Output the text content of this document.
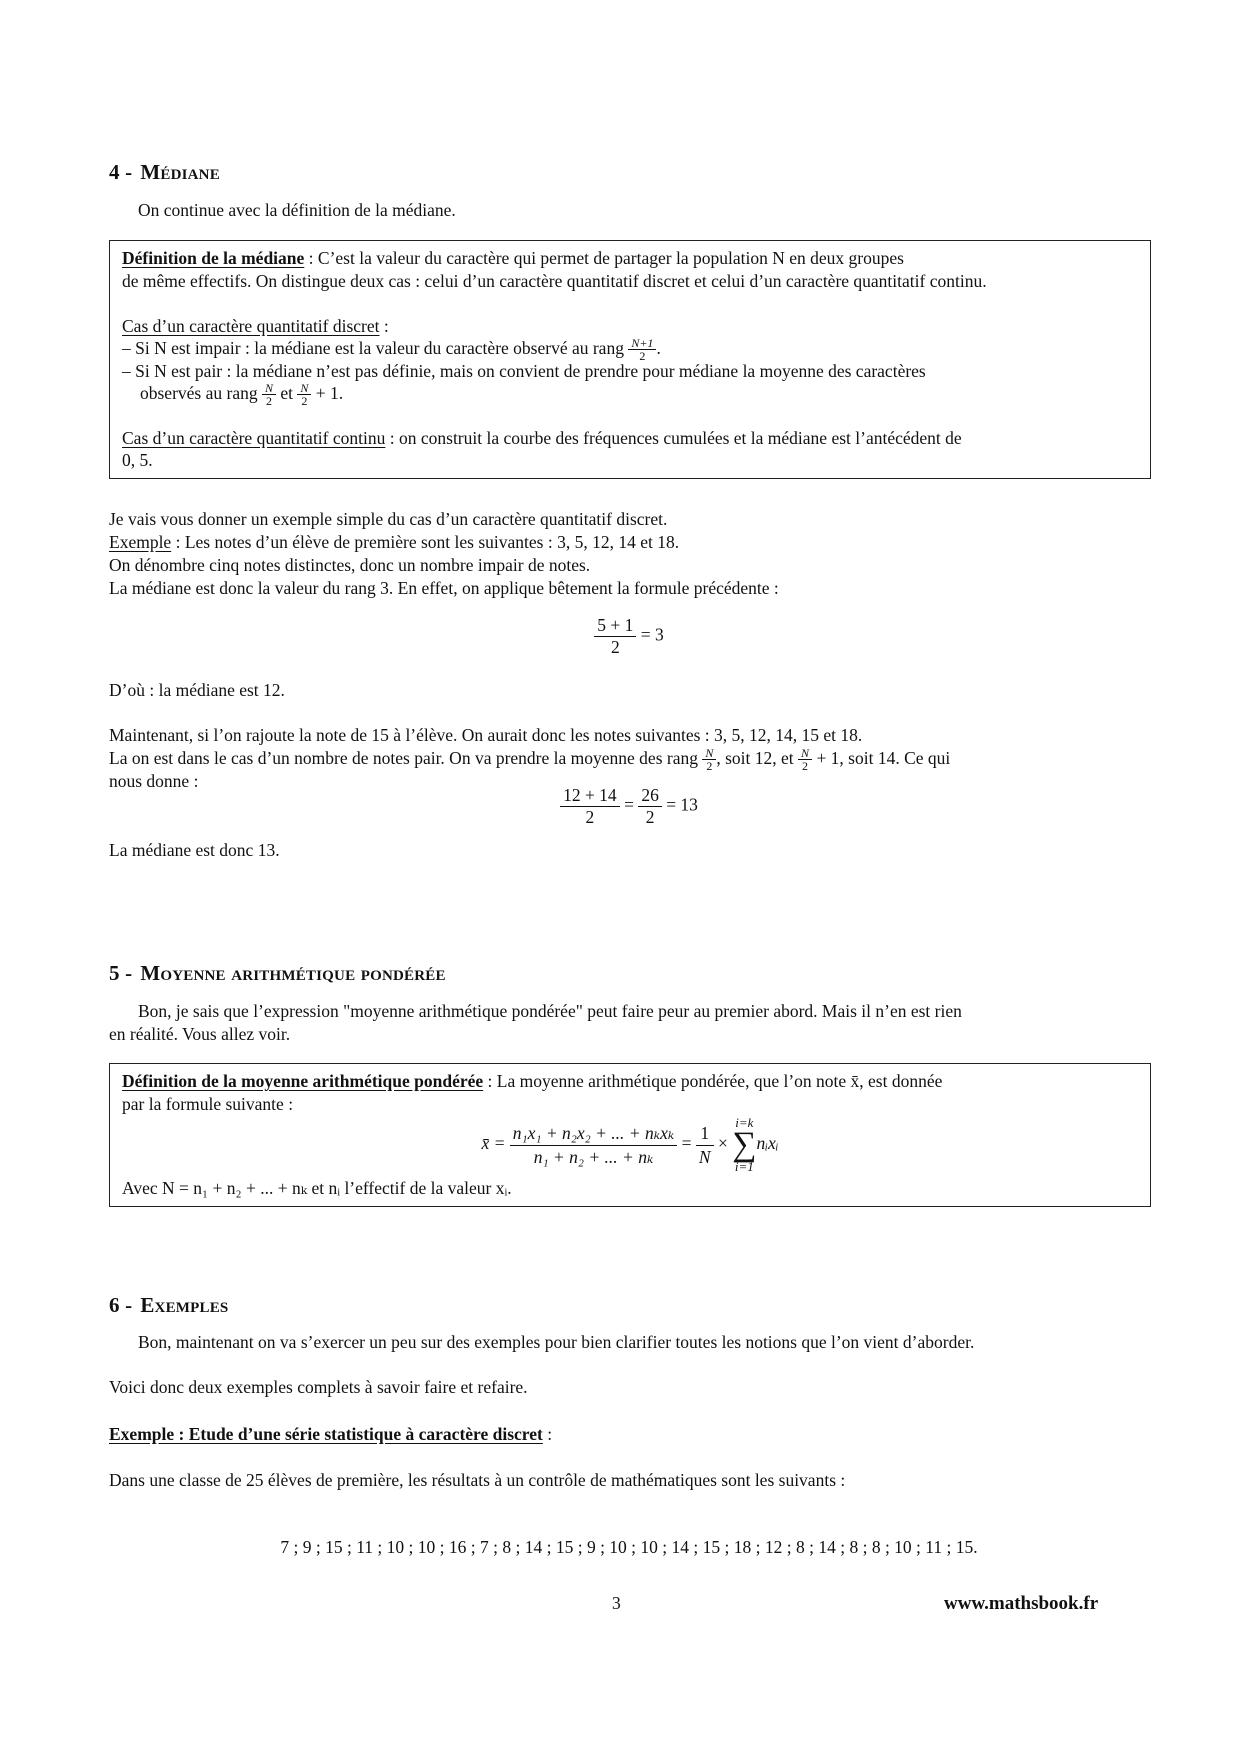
4 - Médiane
On continue avec la définition de la médiane.
Définition de la médiane : C’est la valeur du caractère qui permet de partager la population N en deux groupes
de même effectifs. On distingue deux cas : celui d’un caractère quantitatif discret et celui d’un caractère quantitatif continu.
Cas d’un caractère quantitatif discret :
– Si N est impair : la médiane est la valeur du caractère observé au rang $\frac{N+1}{2}$ .
– Si N est pair : la médiane n’est pas définie, mais on convient de prendre pour médiane la moyenne des caractères
observés au rang $\frac{N}{2}$ et $\frac{N}{2} + 1$.
Cas d’un caractère quantitatif continu : on construit la courbe des fréquences cumulées et la médiane est l’antécédent de
0, 5.
Je vais vous donner un exemple simple du cas d’un caractère quantitatif discret.
Exemple : Les notes d’un élève de première sont les suivantes : 3, 5, 12, 14 et 18.
On dénombre cinq notes distinctes, donc un nombre impair de notes.
La médiane est donc la valeur du rang 3. En effet, on applique bêtement la formule précédente :
$\frac{5 + 1}{2} = 3$
D’où : la médiane est 12.
Maintenant, si l’on rajoute la note de 15 à l’élève. On aurait donc les notes suivantes : 3, 5, 12, 14, 15 et 18.
La on est dans le cas d’un nombre de notes pair. On va prendre la moyenne des rang $\frac{N}{2}$ , soit 12, et $\frac{N}{2} + 1$, soit 14. Ce qui
nous donne :
$\frac{12 + 14}{2} = \frac{26}{2} = 13$
La médiane est donc 13.
5 - Moyenne arithmétique pondérée
Bon, je sais que l’expression "moyenne arithmétique pondérée" peut faire peur au premier abord. Mais il n’en est rien
en réalité. Vous allez voir.
Définition de la moyenne arithmétique pondérée : La moyenne arithmétique pondérée, que l’on note x̄, est donnée
par la formule suivante :
x̄ = $\frac{\text{n₁x₁ + n₂x₂ + ... + nₖxₖ}}{\text{n₁ + n₂ + ... + nₖ}} = \frac{1}{N} \times i=k$
∑
i=1nᵢxᵢ
Avec N = n₁ + n₂ + ... + nₖ et nᵢ l’effectif de la valeur xᵢ.
6 - Exemples
Bon, maintenant on va s’exercer un peu sur des exemples pour bien clarifier toutes les notions que l’on vient d’aborder.
Voici donc deux exemples complets à savoir faire et refaire.
Exemple : Etude d’une série statistique à caractère discret :
Dans une classe de 25 élèves de première, les résultats à un contrôle de mathématiques sont les suivants :
7 ; 9 ; 15 ; 11 ; 10 ; 10 ; 16 ; 7 ; 8 ; 14 ; 15 ; 9 ; 10 ; 10 ; 14 ; 15 ; 18 ; 12 ; 8 ; 14 ; 8 ; 8 ; 10 ; 11 ; 15.
3	www.mathsbook.fr
